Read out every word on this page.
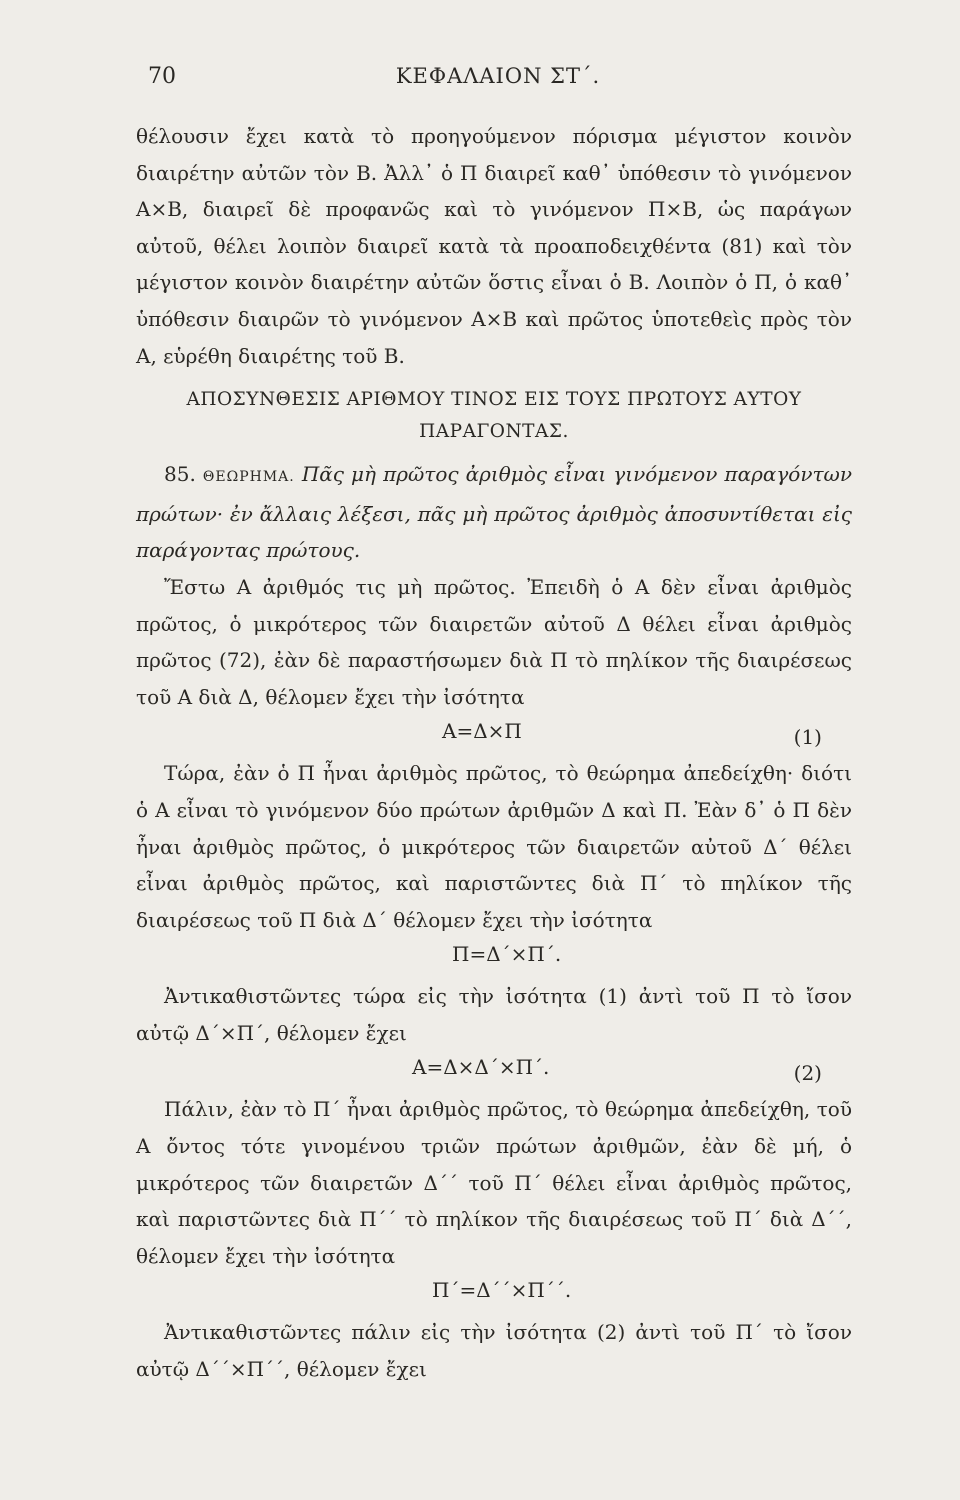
70	ΚΕΦΑΛΑΙΟΝ ΣΤ΄.

θέλουσιν ἔχει κατὰ τὸ προηγούμενον πόρισμα μέγιστον κοινὸν διαιρέτην αὐτῶν τὸν Β. Ἀλλ᾽ ὁ Π διαιρεῖ καθ᾽ ὑπόθεσιν τὸ γινόμενον Α×Β, διαιρεῖ δὲ προφανῶς καὶ τὸ γινόμενον Π×Β, ὡς παράγων αὐτοῦ, θέλει λοιπὸν διαιρεῖ κατὰ τὰ προαποδειχθέντα (81) καὶ τὸν μέγιστον κοινὸν διαιρέτην αὐτῶν ὅστις εἶναι ὁ Β. Λοιπὸν ὁ Π, ὁ καθ᾽ ὑπόθεσιν διαιρῶν τὸ γινόμενον Α×Β καὶ πρῶτος ὑποτεθεὶς πρὸς τὸν Α, εὑρέθη διαιρέτης τοῦ Β.

ΑΠΟΣΥΝΘΕΣΙΣ ΑΡΙΘΜΟΥ ΤΙΝΟΣ ΕΙΣ ΤΟΥΣ ΠΡΩΤΟΥΣ ΑΥΤΟΥ
ΠΑΡΑΓΟΝΤΑΣ.

85. ΘΕΩΡΗΜΑ. Πᾶς μὴ πρῶτος ἀριθμὸς εἶναι γινόμενον παραγόντων πρώτων· ἐν ἄλλαις λέξεσι, πᾶς μὴ πρῶτος ἀριθμὸς ἀποσυντίθεται εἰς παράγοντας πρώτους.

Ἔστω Α ἀριθμός τις μὴ πρῶτος. Ἐπειδὴ ὁ Α δὲν εἶναι ἀριθμὸς πρῶτος, ὁ μικρότερος τῶν διαιρετῶν αὐτοῦ Δ θέλει εἶναι ἀριθμὸς πρῶτος (72), ἐὰν δὲ παραστήσωμεν διὰ Π τὸ πηλίκον τῆς διαιρέσεως τοῦ Α διὰ Δ, θέλομεν ἔχει τὴν ἰσότητα

Α=Δ×Π	(1)

Τώρα, ἐὰν ὁ Π ἦναι ἀριθμὸς πρῶτος, τὸ θεώρημα ἀπεδείχθη· διότι ὁ Α εἶναι τὸ γινόμενον δύο πρώτων ἀριθμῶν Δ καὶ Π. Ἐὰν δ᾽ ὁ Π δὲν ἦναι ἀριθμὸς πρῶτος, ὁ μικρότερος τῶν διαιρετῶν αὐτοῦ Δ΄ θέλει εἶναι ἀριθμὸς πρῶτος, καὶ παριστῶντες διὰ Π΄ τὸ πηλίκον τῆς διαιρέσεως τοῦ Π διὰ Δ΄ θέλομεν ἔχει τὴν ἰσότητα

Π=Δ΄×Π΄.

Ἀντικαθιστῶντες τώρα εἰς τὴν ἰσότητα (1) ἀντὶ τοῦ Π τὸ ἴσον αὐτῷ Δ΄×Π΄, θέλομεν ἔχει

Α=Δ×Δ΄×Π΄.	(2)

Πάλιν, ἐὰν τὸ Π΄ ἦναι ἀριθμὸς πρῶτος, τὸ θεώρημα ἀπεδείχθη, τοῦ Α ὄντος τότε γινομένου τριῶν πρώτων ἀριθμῶν, ἐὰν δὲ μή, ὁ μικρότερος τῶν διαιρετῶν Δ΄΄ τοῦ Π΄ θέλει εἶναι ἀριθμὸς πρῶτος, καὶ παριστῶντες διὰ Π΄΄ τὸ πηλίκον τῆς διαιρέσεως τοῦ Π΄ διὰ Δ΄΄, θέλομεν ἔχει τὴν ἰσότητα

Π΄=Δ΄΄×Π΄΄.

Ἀντικαθιστῶντες πάλιν εἰς τὴν ἰσότητα (2) ἀντὶ τοῦ Π΄ τὸ ἴσον αὐτῷ Δ΄΄×Π΄΄, θέλομεν ἔχει
